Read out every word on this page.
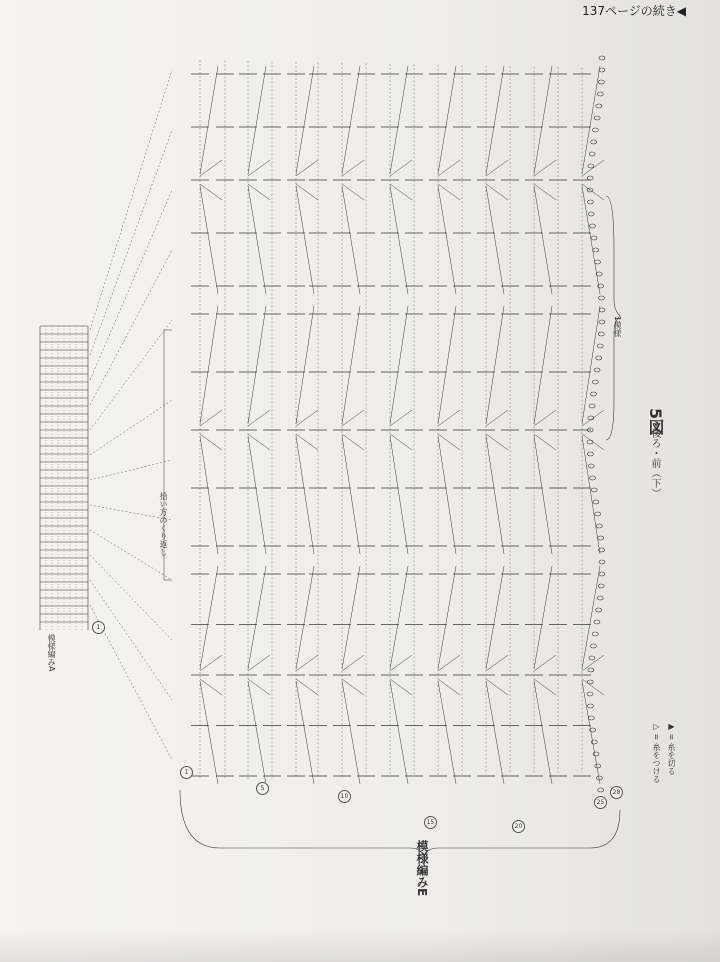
137ページの続き◀
5図
後ろ・前（下）
1模様
拾い方のくり返し
模様編みA
模様編みE
▷ = 糸をつける ▶ = 糸を切る
1
5
10
15
20
25
28
1
